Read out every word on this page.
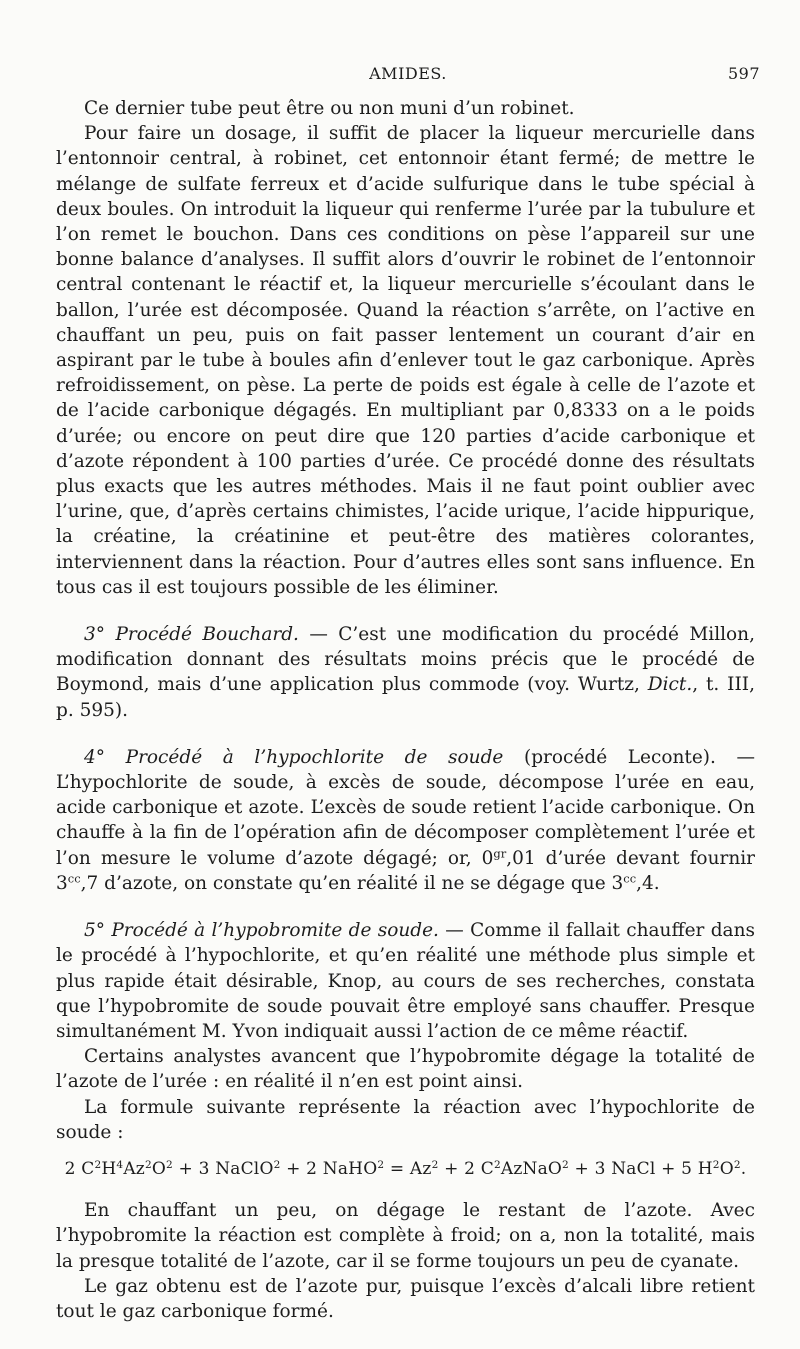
AMIDES.	597

Ce dernier tube peut être ou non muni d’un robinet.

Pour faire un dosage, il suffit de placer la liqueur mercurielle dans l’entonnoir central, à robinet, cet entonnoir étant fermé; de mettre le mélange de sulfate ferreux et d’acide sulfurique dans le tube spécial à deux boules. On introduit la liqueur qui renferme l’urée par la tubulure et l’on remet le bouchon. Dans ces conditions on pèse l’appareil sur une bonne balance d’analyses. Il suffit alors d’ouvrir le robinet de l’entonnoir central contenant le réactif et, la liqueur mercurielle s’écoulant dans le ballon, l’urée est décomposée. Quand la réaction s’arrête, on l’active en chauffant un peu, puis on fait passer lentement un courant d’air en aspirant par le tube à boules afin d’enlever tout le gaz carbonique. Après refroidissement, on pèse. La perte de poids est égale à celle de l’azote et de l’acide carbonique dégagés. En multipliant par 0,8333 on a le poids d’urée; ou encore on peut dire que 120 parties d’acide carbonique et d’azote répondent à 100 parties d’urée. Ce procédé donne des résultats plus exacts que les autres méthodes. Mais il ne faut point oublier avec l’urine, que, d’après certains chimistes, l’acide urique, l’acide hippurique, la créatine, la créatinine et peut-être des matières colorantes, interviennent dans la réaction. Pour d’autres elles sont sans influence. En tous cas il est toujours possible de les éliminer.

3° Procédé Bouchard. — C’est une modification du procédé Millon, modification donnant des résultats moins précis que le procédé de Boymond, mais d’une application plus commode (voy. Wurtz, Dict., t. III, p. 595).

4° Procédé à l’hypochlorite de soude (procédé Leconte). — L’hypochlorite de soude, à excès de soude, décompose l’urée en eau, acide carbonique et azote. L’excès de soude retient l’acide carbonique. On chauffe à la fin de l’opération afin de décomposer complètement l’urée et l’on mesure le volume d’azote dégagé; or, $0^{gr},01$ d’urée devant fournir $3^{cc},7$ d’azote, on constate qu’en réalité il ne se dégage que $3^{cc},4$.

5° Procédé à l’hypobromite de soude. — Comme il fallait chauffer dans le procédé à l’hypochlorite, et qu’en réalité une méthode plus simple et plus rapide était désirable, Knop, au cours de ses recherches, constata que l’hypobromite de soude pouvait être employé sans chauffer. Presque simultanément M. Yvon indiquait aussi l’action de ce même réactif.

Certains analystes avancent que l’hypobromite dégage la totalité de l’azote de l’urée : en réalité il n’en est point ainsi.

La formule suivante représente la réaction avec l’hypochlorite de soude :

2 $C^2H^4Az^2O^2 + 3$ NaClO$^2$ + 2 NaHO$^2$ = $Az^2 + 2$ $C^2AzNaO^2 + 3$ NaCl + 5 $H^2O^2$.

En chauffant un peu, on dégage le restant de l’azote. Avec l’hypobromite la réaction est complète à froid; on a, non la totalité, mais la presque totalité de l’azote, car il se forme toujours un peu de cyanate.

Le gaz obtenu est de l’azote pur, puisque l’excès d’alcali libre retient tout le gaz carbonique formé.
